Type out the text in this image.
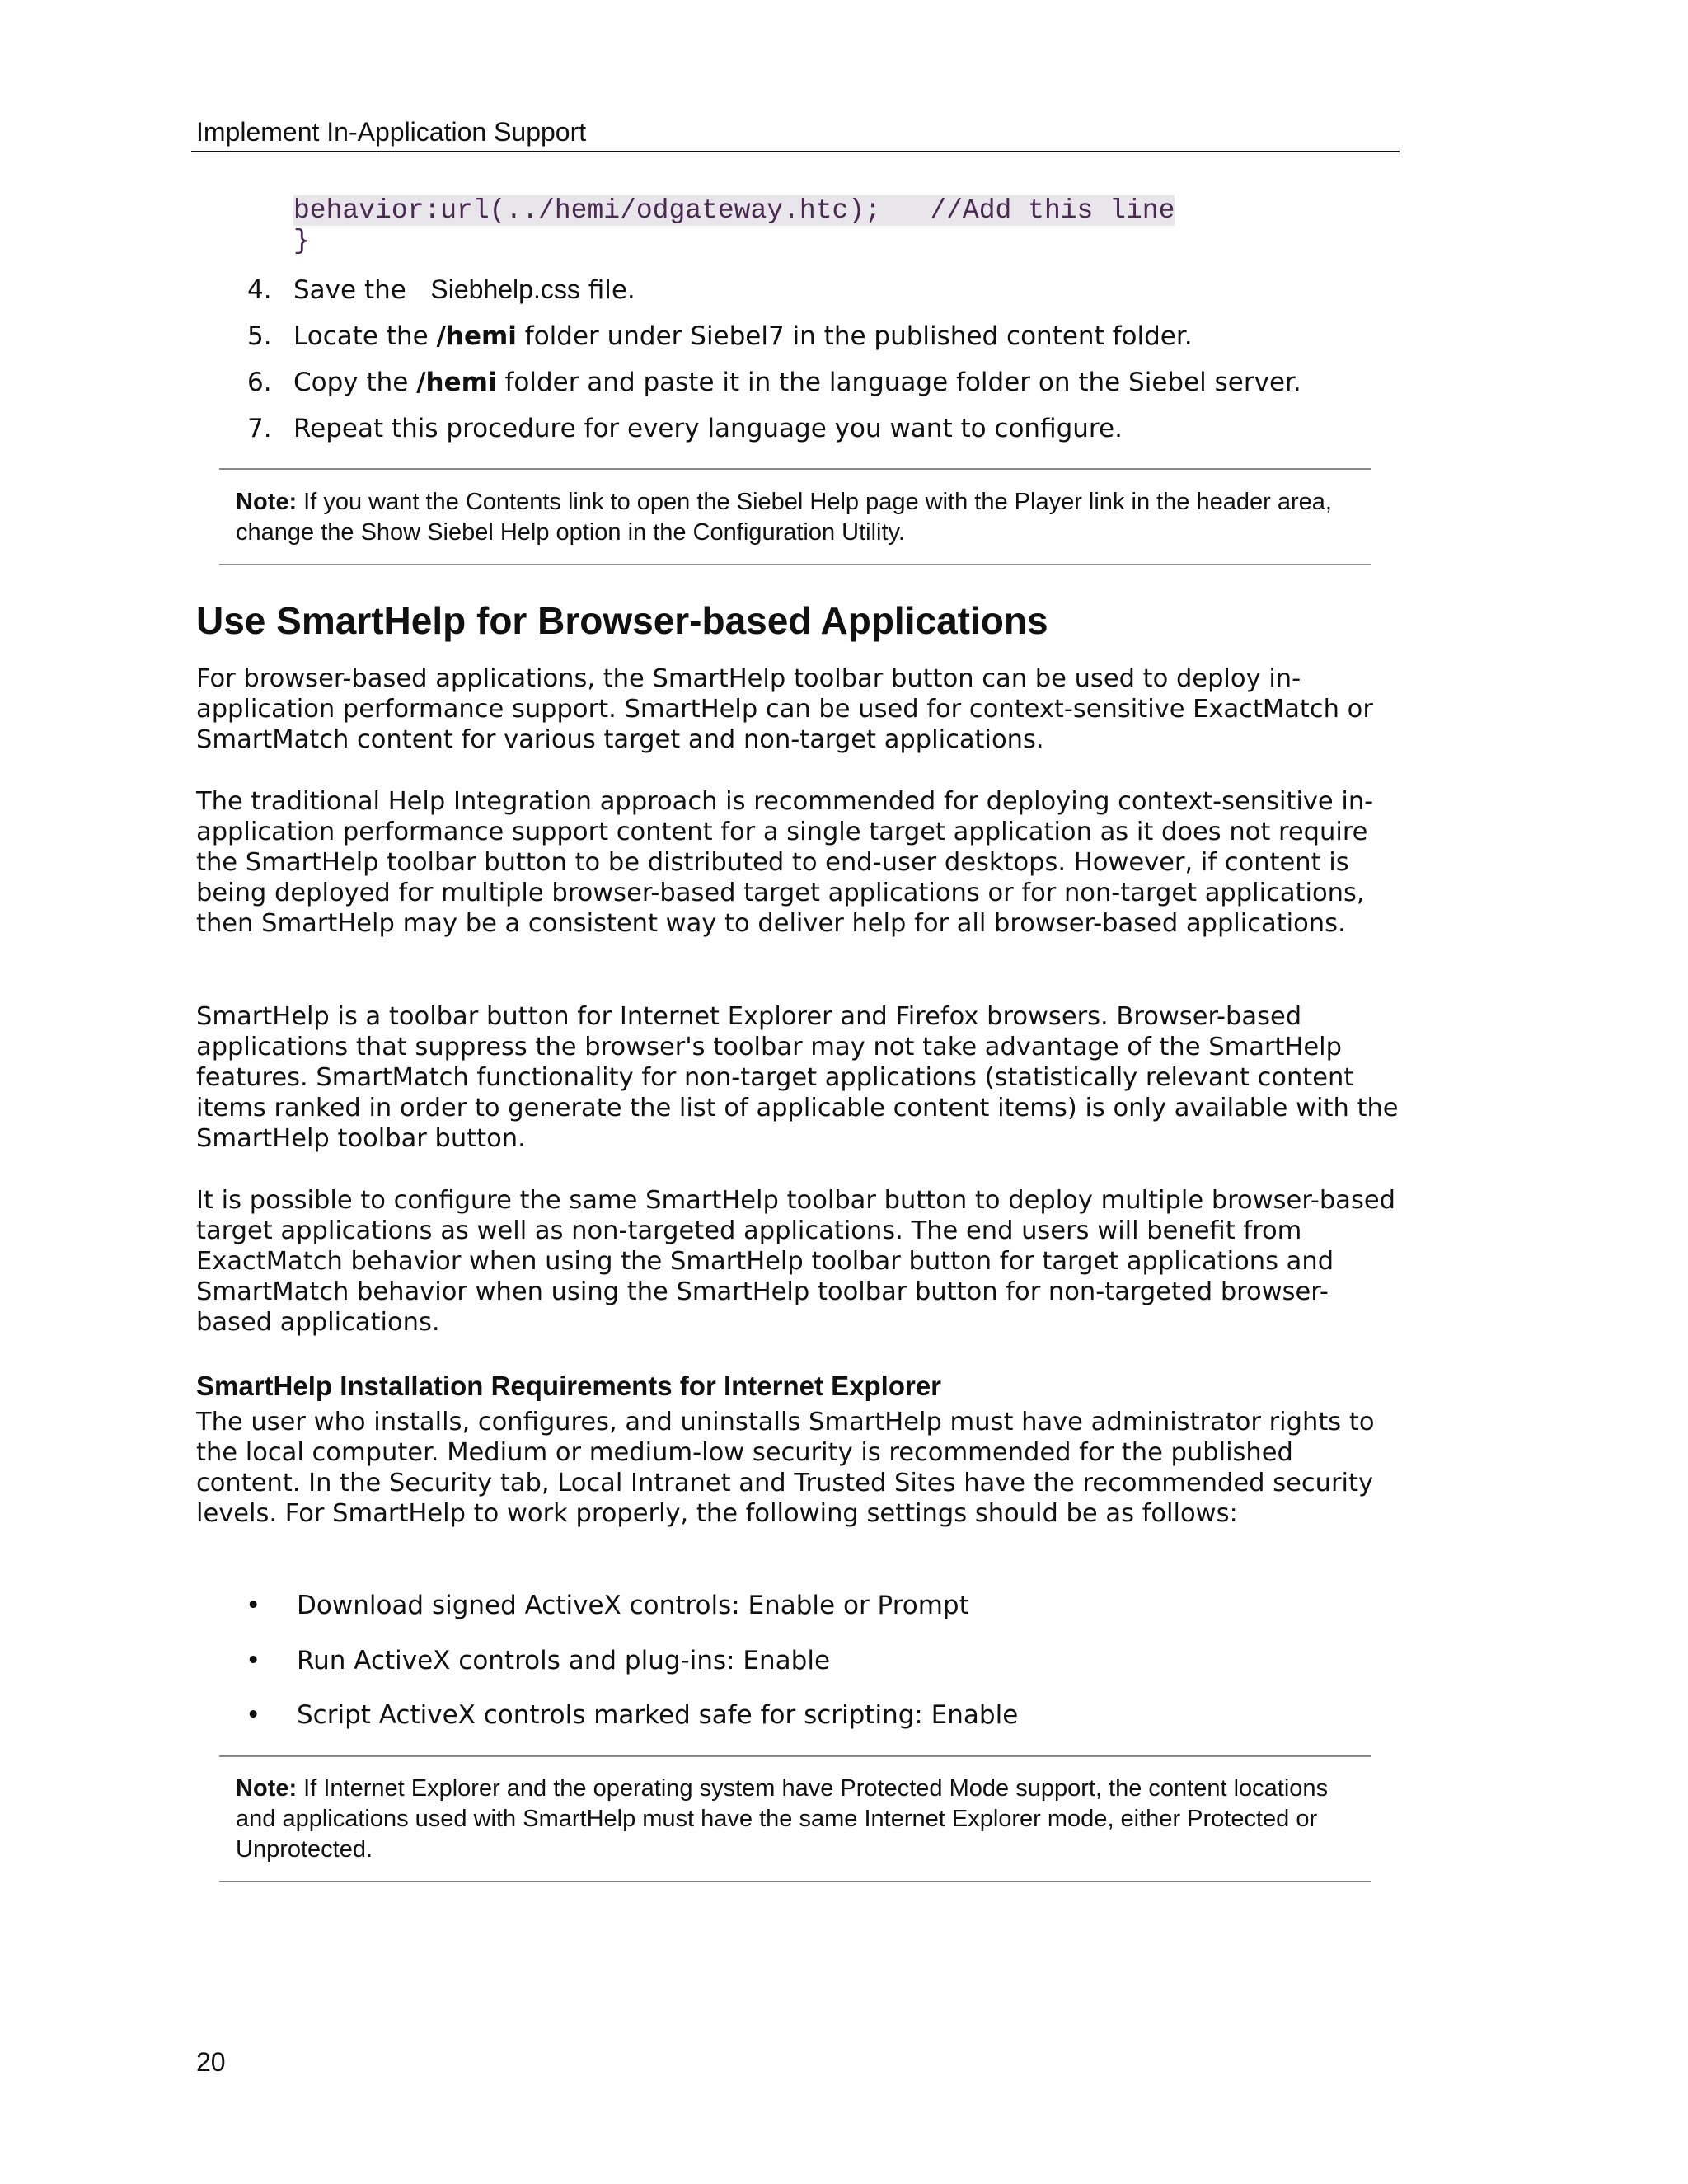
Implement In-Application Support
behavior:url(../hemi/odgateway.htc);   //Add this line
}
4. Save the Siebhelp.css file.
5. Locate the /hemi folder under Siebel7 in the published content folder.
6. Copy the /hemi folder and paste it in the language folder on the Siebel server.
7. Repeat this procedure for every language you want to configure.
Note: If you want the Contents link to open the Siebel Help page with the Player link in the header area, change the Show Siebel Help option in the Configuration Utility.
Use SmartHelp for Browser-based Applications
For browser-based applications, the SmartHelp toolbar button can be used to deploy in-application performance support. SmartHelp can be used for context-sensitive ExactMatch or SmartMatch content for various target and non-target applications.
The traditional Help Integration approach is recommended for deploying context-sensitive in-application performance support content for a single target application as it does not require the SmartHelp toolbar button to be distributed to end-user desktops. However, if content is being deployed for multiple browser-based target applications or for non-target applications, then SmartHelp may be a consistent way to deliver help for all browser-based applications.
SmartHelp is a toolbar button for Internet Explorer and Firefox browsers. Browser-based applications that suppress the browser's toolbar may not take advantage of the SmartHelp features. SmartMatch functionality for non-target applications (statistically relevant content items ranked in order to generate the list of applicable content items) is only available with the SmartHelp toolbar button.
It is possible to configure the same SmartHelp toolbar button to deploy multiple browser-based target applications as well as non-targeted applications. The end users will benefit from ExactMatch behavior when using the SmartHelp toolbar button for target applications and SmartMatch behavior when using the SmartHelp toolbar button for non-targeted browser-based applications.
SmartHelp Installation Requirements for Internet Explorer
The user who installs, configures, and uninstalls SmartHelp must have administrator rights to the local computer. Medium or medium-low security is recommended for the published content. In the Security tab, Local Intranet and Trusted Sites have the recommended security levels. For SmartHelp to work properly, the following settings should be as follows:
• Download signed ActiveX controls: Enable or Prompt
• Run ActiveX controls and plug-ins: Enable
• Script ActiveX controls marked safe for scripting: Enable
Note: If Internet Explorer and the operating system have Protected Mode support, the content locations and applications used with SmartHelp must have the same Internet Explorer mode, either Protected or Unprotected.
20
